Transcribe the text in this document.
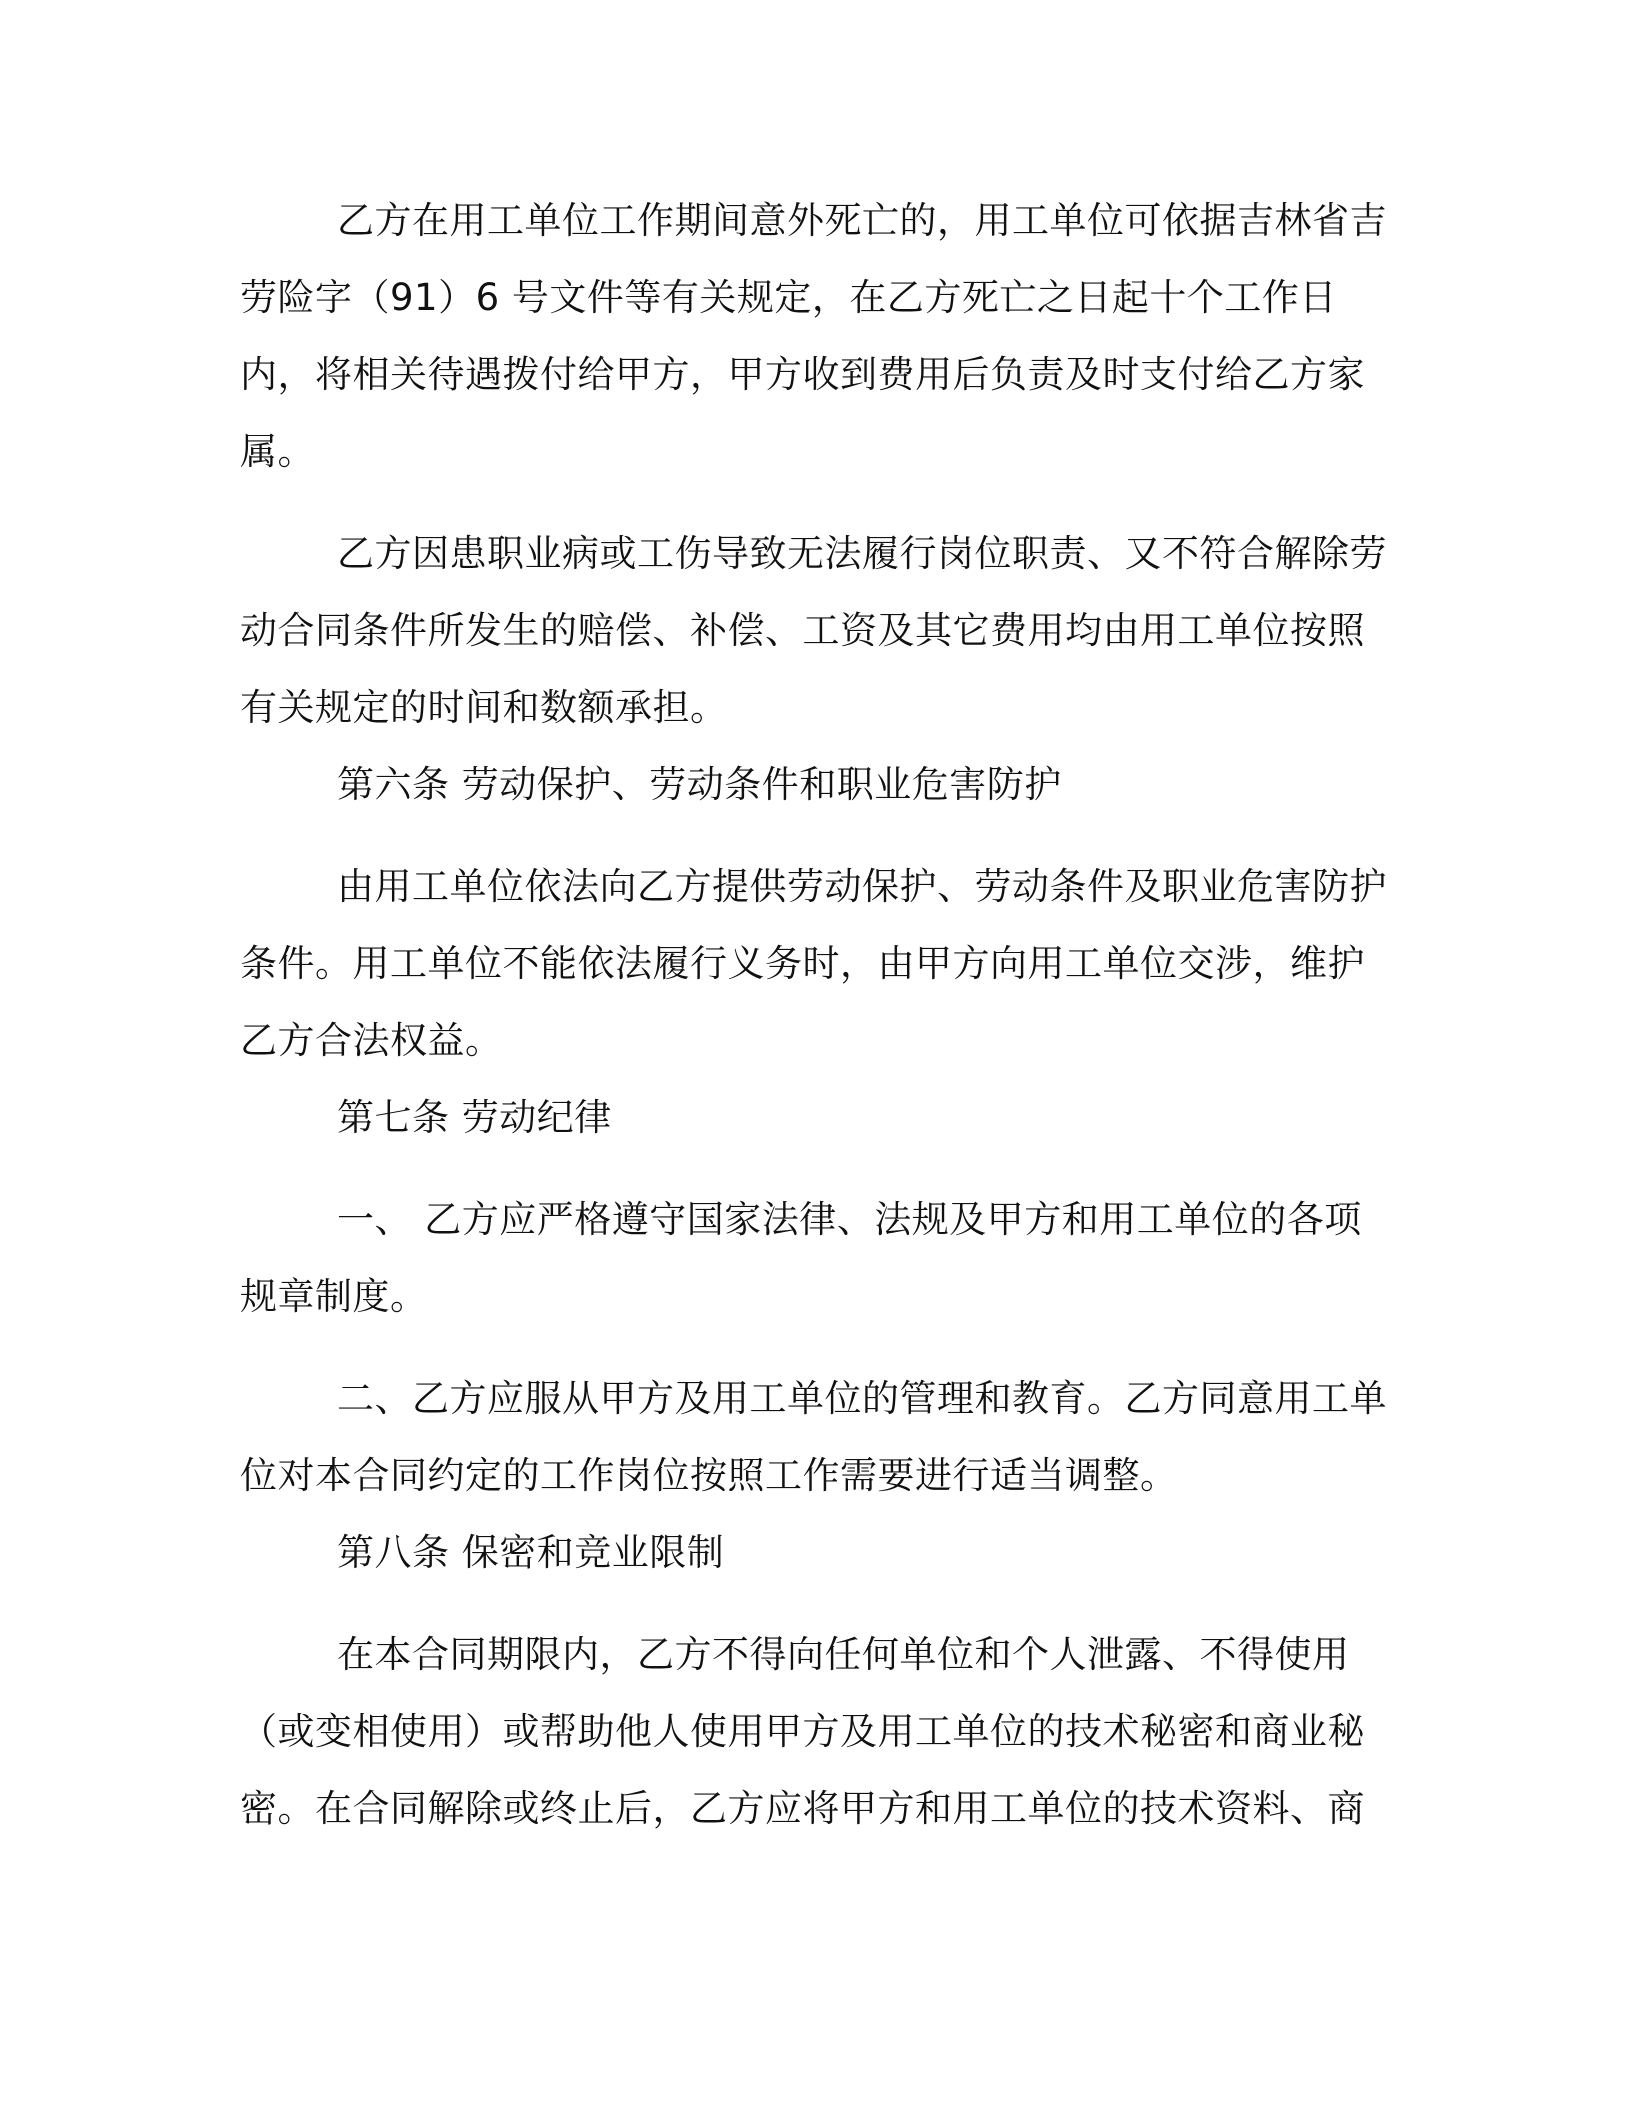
乙方在用工单位工作期间意外死亡的，用工单位可依据吉林省吉劳险字（91）6 号文件等有关规定，在乙方死亡之日起十个工作日内，将相关待遇拨付给甲方，甲方收到费用后负责及时支付给乙方家属。

乙方因患职业病或工伤导致无法履行岗位职责、又不符合解除劳动合同条件所发生的赔偿、补偿、工资及其它费用均由用工单位按照有关规定的时间和数额承担。

第六条 劳动保护、劳动条件和职业危害防护

由用工单位依法向乙方提供劳动保护、劳动条件及职业危害防护条件。用工单位不能依法履行义务时，由甲方向用工单位交涉，维护乙方合法权益。

第七条 劳动纪律

一、 乙方应严格遵守国家法律、法规及甲方和用工单位的各项规章制度。

二、乙方应服从甲方及用工单位的管理和教育。乙方同意用工单位对本合同约定的工作岗位按照工作需要进行适当调整。

第八条 保密和竞业限制

在本合同期限内，乙方不得向任何单位和个人泄露、不得使用（或变相使用）或帮助他人使用甲方及用工单位的技术秘密和商业秘密。在合同解除或终止后，乙方应将甲方和用工单位的技术资料、商
